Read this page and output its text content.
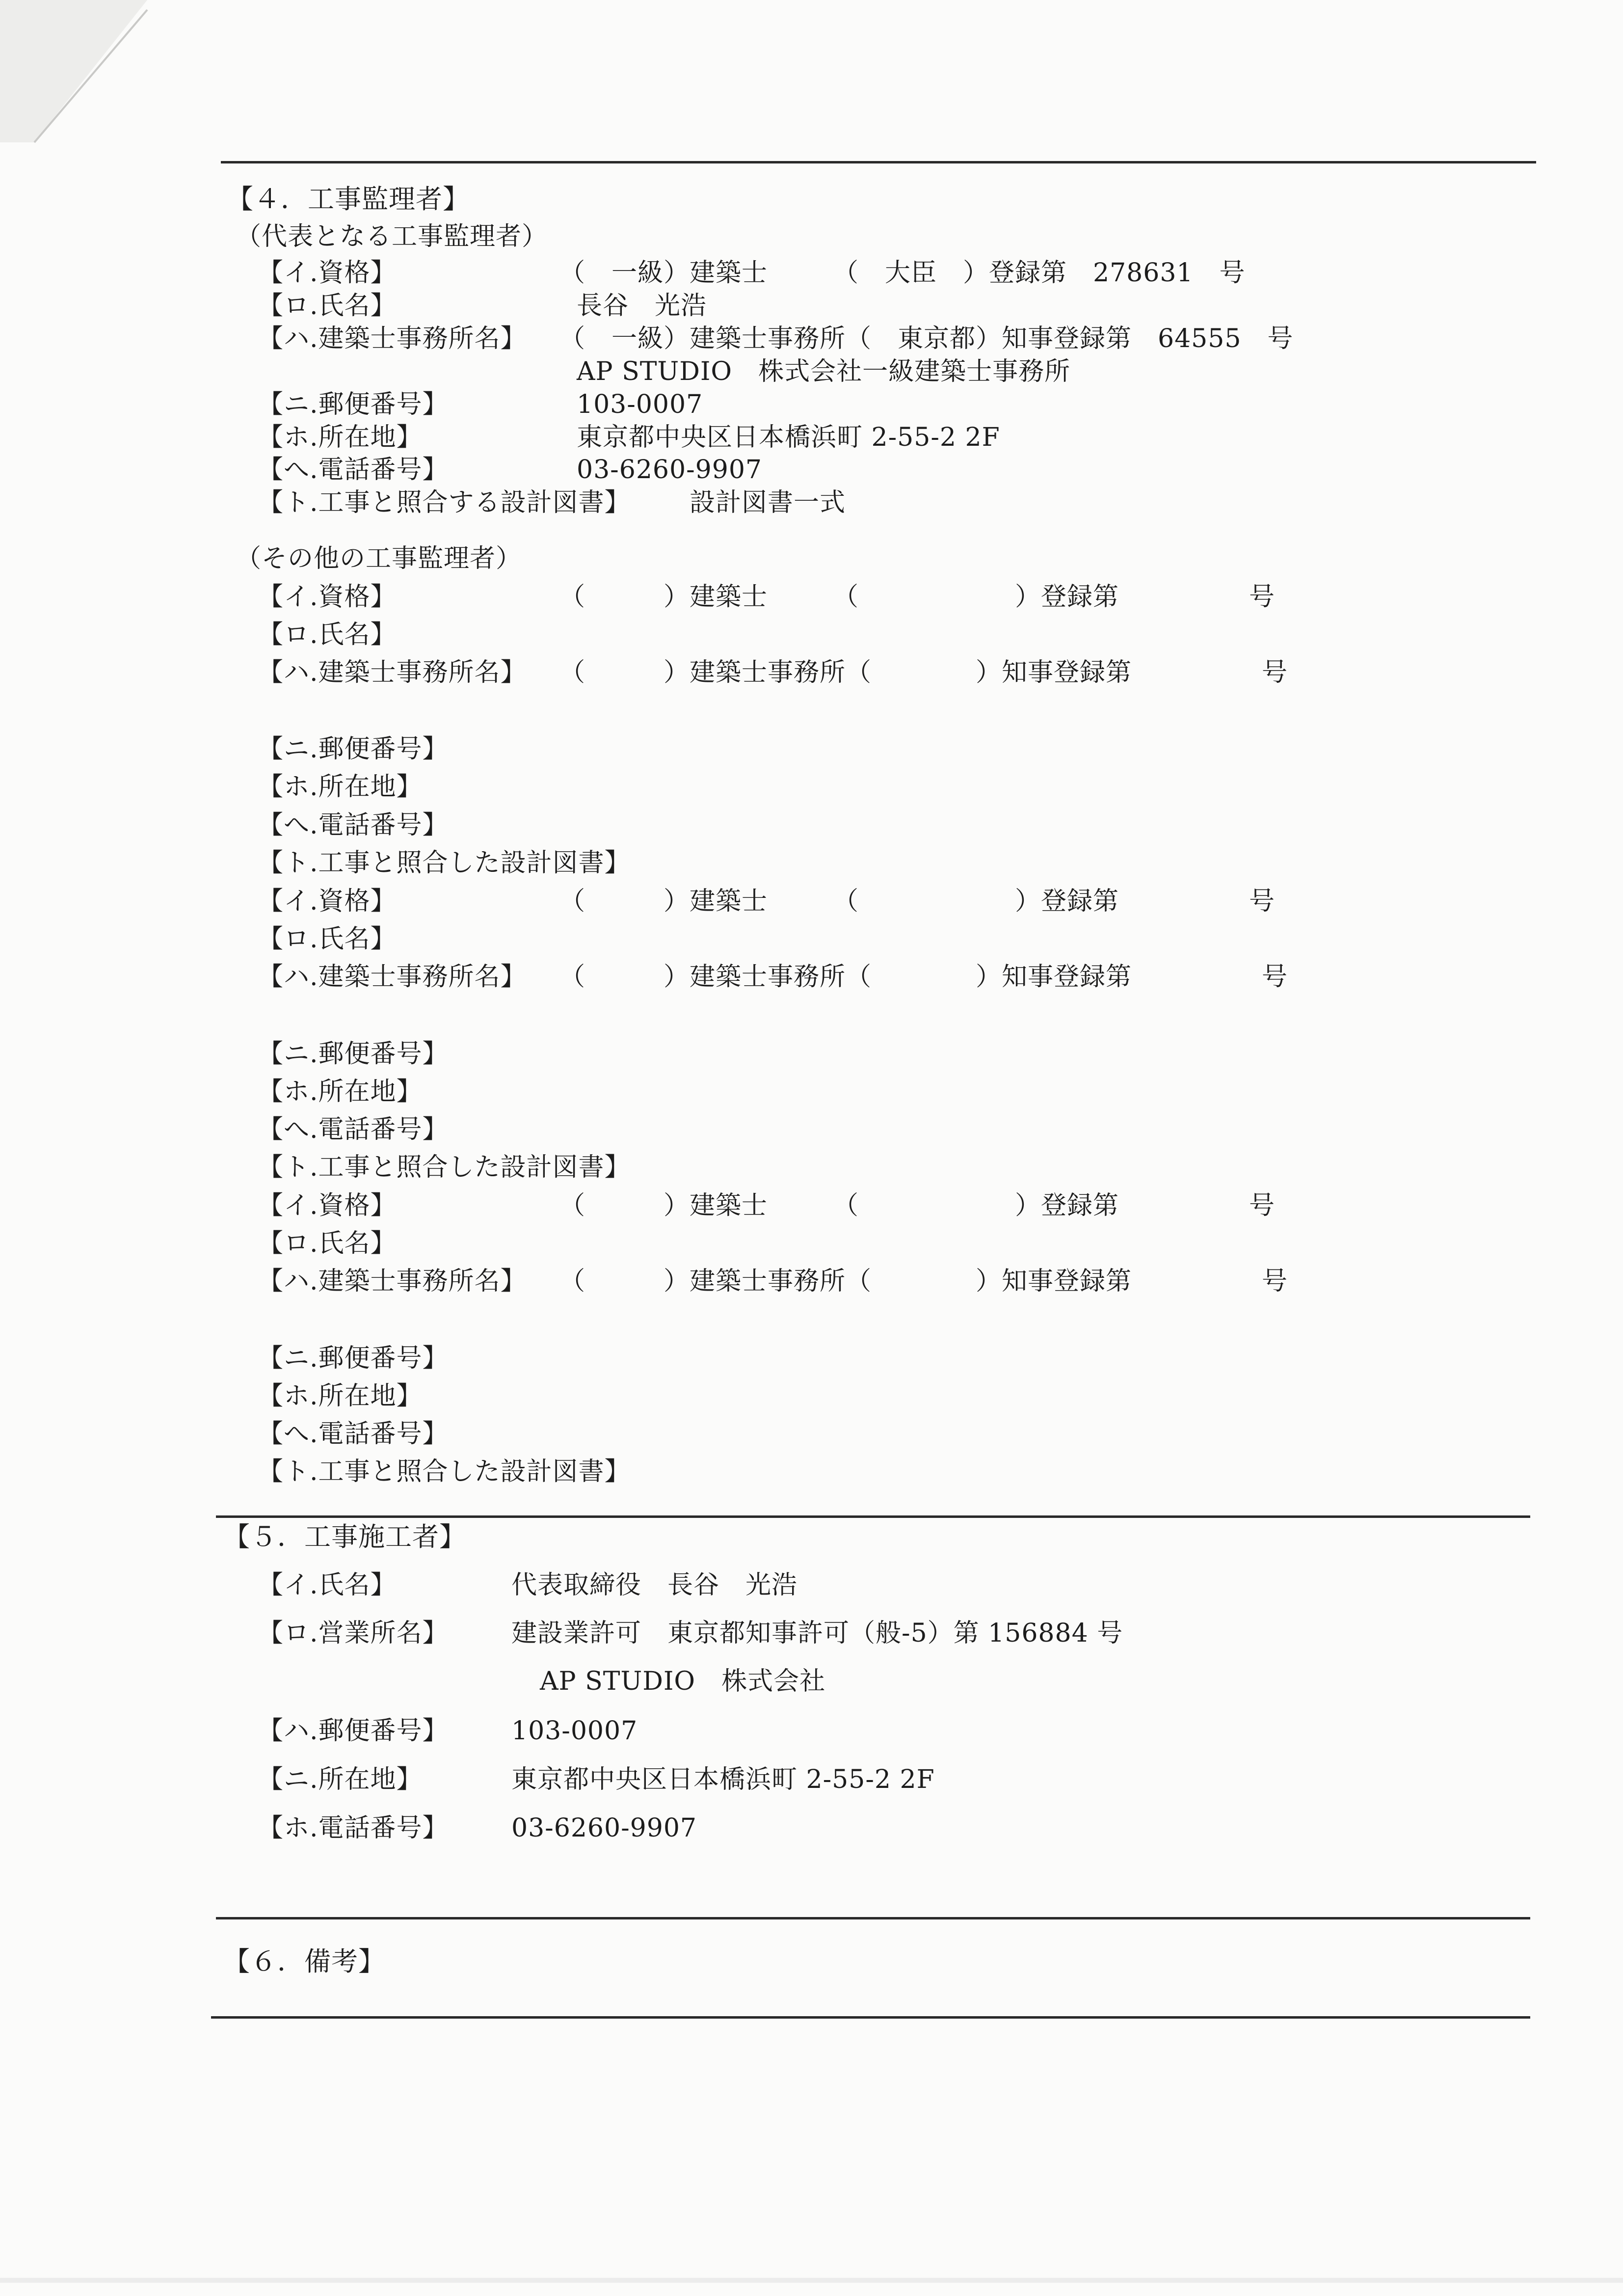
【４．工事監理者】
（代表となる工事監理者）
【イ.資格】	（　一級）建築士　　　（　大臣　）登録第　278631　号
【ロ.氏名】	長谷　光浩
【ハ.建築士事務所名】 （　一級）建築士事務所（　東京都）知事登録第　64555　号
AP STUDIO　株式会社一級建築士事務所
【ニ.郵便番号】	103-0007
【ホ.所在地】	東京都中央区日本橋浜町 2-55-2 2F
【へ.電話番号】	03-6260-9907
【ト.工事と照合する設計図書】 設計図書一式
（その他の工事監理者）
【イ.資格】	（　　　）建築士　　　（　　　　　　）登録第　　　　　号
【ロ.氏名】
【ハ.建築士事務所名】 （　　　）建築士事務所（　　　　）知事登録第　　　　　号
【ニ.郵便番号】
【ホ.所在地】
【へ.電話番号】
【ト.工事と照合した設計図書】
【イ.資格】	（　　　）建築士　　　（　　　　　　）登録第　　　　　号
【ロ.氏名】
【ハ.建築士事務所名】 （　　　）建築士事務所（　　　　）知事登録第　　　　　号
【ニ.郵便番号】
【ホ.所在地】
【へ.電話番号】
【ト.工事と照合した設計図書】
【イ.資格】	（　　　）建築士　　　（　　　　　　）登録第　　　　　号
【ロ.氏名】
【ハ.建築士事務所名】 （　　　）建築士事務所（　　　　）知事登録第　　　　　号
【ニ.郵便番号】
【ホ.所在地】
【へ.電話番号】
【ト.工事と照合した設計図書】
【５．工事施工者】
【イ.氏名】	代表取締役　長谷　光浩
【ロ.営業所名】 建設業許可　東京都知事許可（般-5）第 156884 号
AP STUDIO　株式会社
【ハ.郵便番号】 103-0007
【ニ.所在地】	東京都中央区日本橋浜町 2-55-2 2F
【ホ.電話番号】 03-6260-9907
【６．備考】
